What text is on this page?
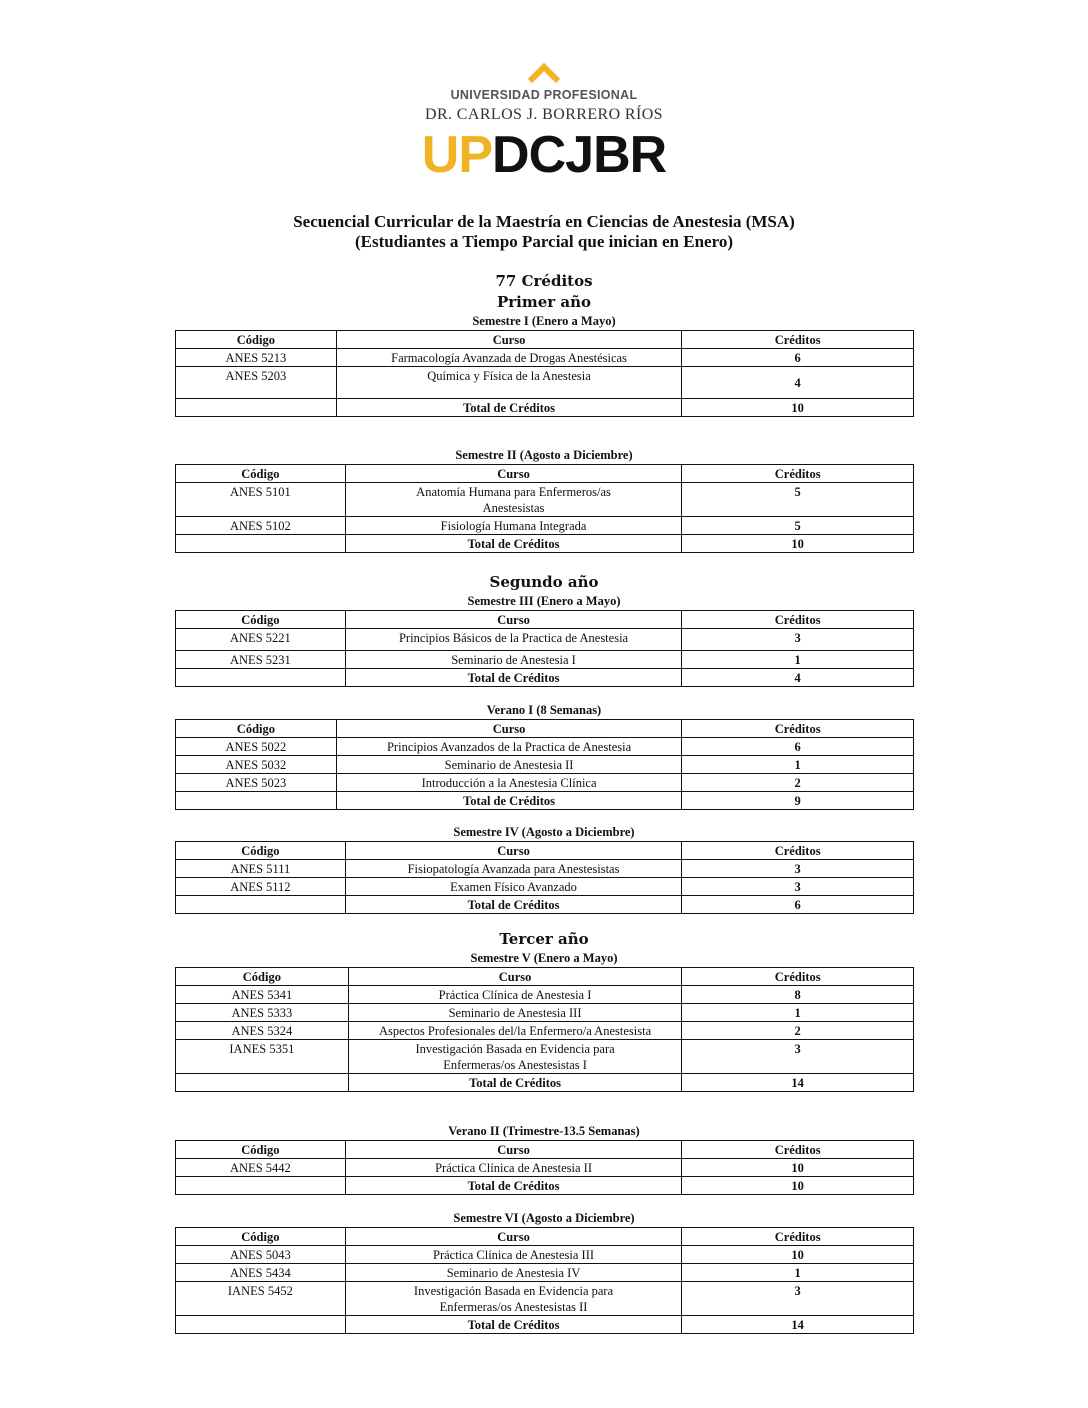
UNIVERSIDAD PROFESIONAL
DR. CARLOS J. BORRERO RÍOS
UPDCJBR
Secuencial Curricular de la Maestría en Ciencias de Anestesia (MSA)
(Estudiantes a Tiempo Parcial que inician en Enero)
77 Créditos
Primer año
Semestre I (Enero a Mayo)
Código	Curso	Créditos
ANES 5213	Farmacología Avanzada de Drogas Anestésicas	6
ANES 5203	Química y Física de la Anestesia	4
	Total de Créditos	10
Semestre II (Agosto a Diciembre)
Código	Curso	Créditos
ANES 5101	Anatomía Humana para Enfermeros/as Anestesistas	5
ANES 5102	Fisiología Humana Integrada	5
	Total de Créditos	10
Segundo año
Semestre III (Enero a Mayo)
Código	Curso	Créditos
ANES 5221	Principios Básicos de la Practica de Anestesia	3
ANES 5231	Seminario de Anestesia I	1
	Total de Créditos	4
Verano I (8 Semanas)
Código	Curso	Créditos
ANES 5022	Principios Avanzados de la Practica de Anestesia	6
ANES 5032	Seminario de Anestesia II	1
ANES 5023	Introducción a la Anestesia Clínica	2
	Total de Créditos	9
Semestre IV (Agosto a Diciembre)
Código	Curso	Créditos
ANES 5111	Fisiopatología Avanzada para Anestesistas	3
ANES 5112	Examen Físico Avanzado	3
	Total de Créditos	6
Tercer año
Semestre V (Enero a Mayo)
Código	Curso	Créditos
ANES 5341	Práctica Clínica de Anestesia I	8
ANES 5333	Seminario de Anestesia III	1
ANES 5324	Aspectos Profesionales del/la Enfermero/a Anestesista	2
IANES 5351	Investigación Basada en Evidencia para Enfermeras/os Anestesistas I	3
	Total de Créditos	14
Verano II (Trimestre-13.5 Semanas)
Código	Curso	Créditos
ANES 5442	Práctica Clínica de Anestesia II	10
	Total de Créditos	10
Semestre VI (Agosto a Diciembre)
Código	Curso	Créditos
ANES 5043	Práctica Clínica de Anestesia III	10
ANES 5434	Seminario de Anestesia IV	1
IANES 5452	Investigación Basada en Evidencia para Enfermeras/os Anestesistas II	3
	Total de Créditos	14
